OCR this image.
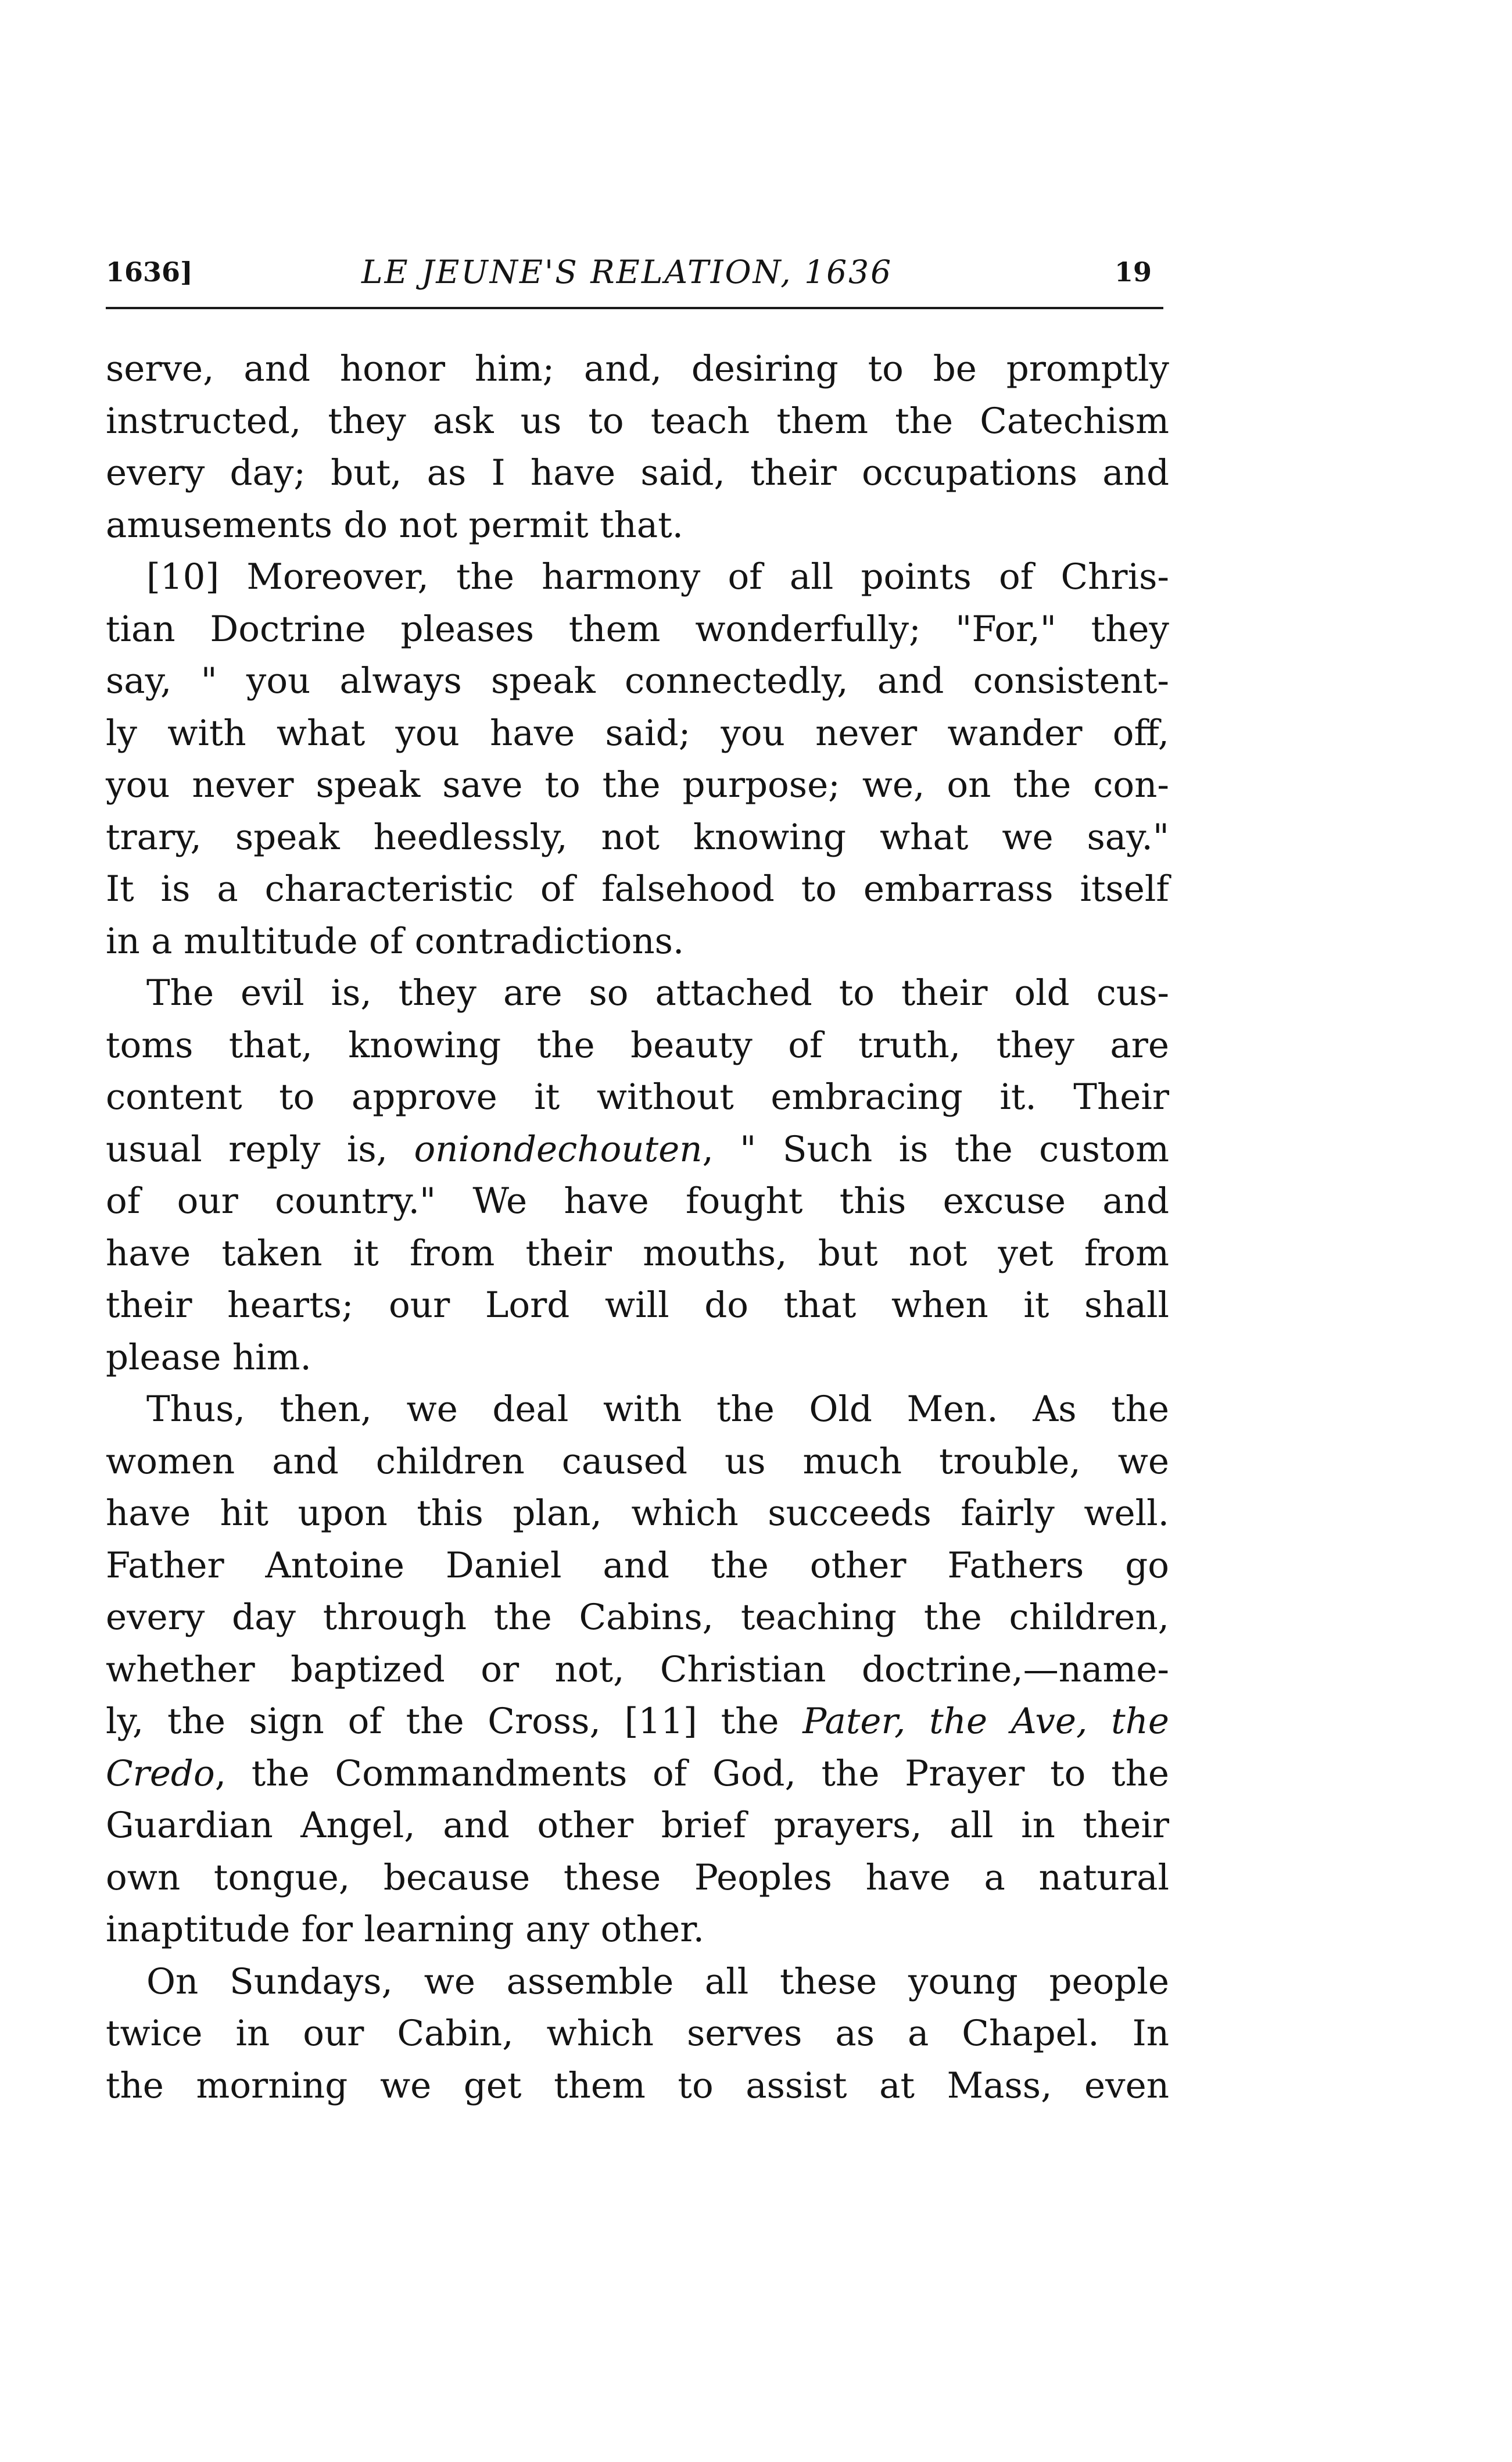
1636]	LE JEUNE'S RELATION, 1636	19
serve, and honor him; and, desiring to be promptly
instructed, they ask us to teach them the Catechism
every day; but, as I have said, their occupations and
amusements do not permit that.
[10] Moreover, the harmony of all points of Chris-
tian Doctrine pleases them wonderfully; "For," they
say, " you always speak connectedly, and consistent-
ly with what you have said; you never wander off,
you never speak save to the purpose; we, on the con-
trary, speak heedlessly, not knowing what we say."
It is a characteristic of falsehood to embarrass itself
in a multitude of contradictions.
The evil is, they are so attached to their old cus-
toms that, knowing the beauty of truth, they are
content to approve it without embracing it. Their
usual reply is, oniondechouten, " Such is the custom
of our country." We have fought this excuse and
have taken it from their mouths, but not yet from
their hearts; our Lord will do that when it shall
please him.
Thus, then, we deal with the Old Men. As the
women and children caused us much trouble, we
have hit upon this plan, which succeeds fairly well.
Father Antoine Daniel and the other Fathers go
every day through the Cabins, teaching the children,
whether baptized or not, Christian doctrine,—name-
ly, the sign of the Cross, [11] the Pater, the Ave, the
Credo, the Commandments of God, the Prayer to the
Guardian Angel, and other brief prayers, all in their
own tongue, because these Peoples have a natural
inaptitude for learning any other.
On Sundays, we assemble all these young people
twice in our Cabin, which serves as a Chapel. In
the morning we get them to assist at Mass, even
